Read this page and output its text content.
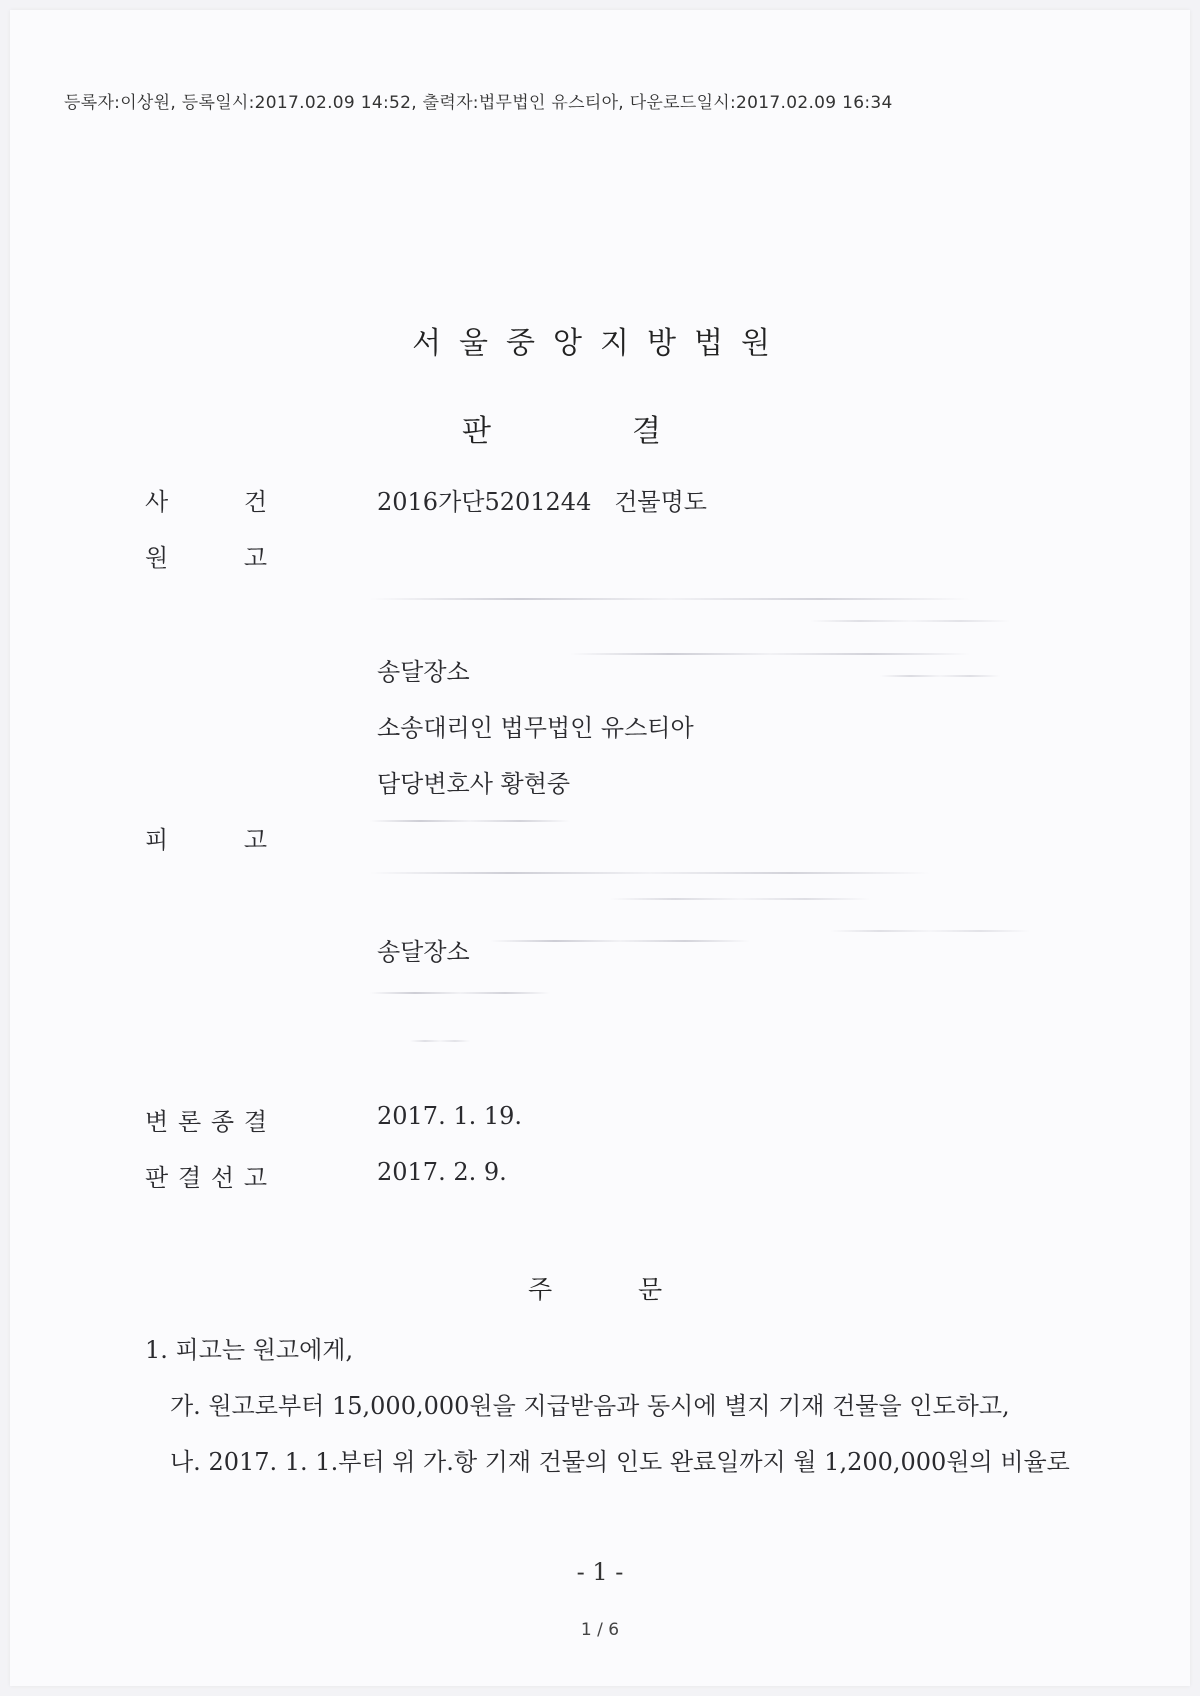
등록자:이상원, 등록일시:2017.02.09 14:52, 출력자:법무법인 유스티아, 다운로드일시:2017.02.09 16:34
서울중앙지방법원
판	결
사	건	2016가단5201244 건물명도
원	고
송달장소
소송대리인 법무법인 유스티아
담당변호사 황현중
피	고
송달장소
변 론 종 결	2017. 1. 19.
판 결 선 고	2017. 2. 9.
주	문
1. 피고는 원고에게,
가. 원고로부터 15,000,000원을 지급받음과 동시에 별지 기재 건물을 인도하고,
나. 2017. 1. 1.부터 위 가.항 기재 건물의 인도 완료일까지 월 1,200,000원의 비율로
- 1 -
1 / 6
